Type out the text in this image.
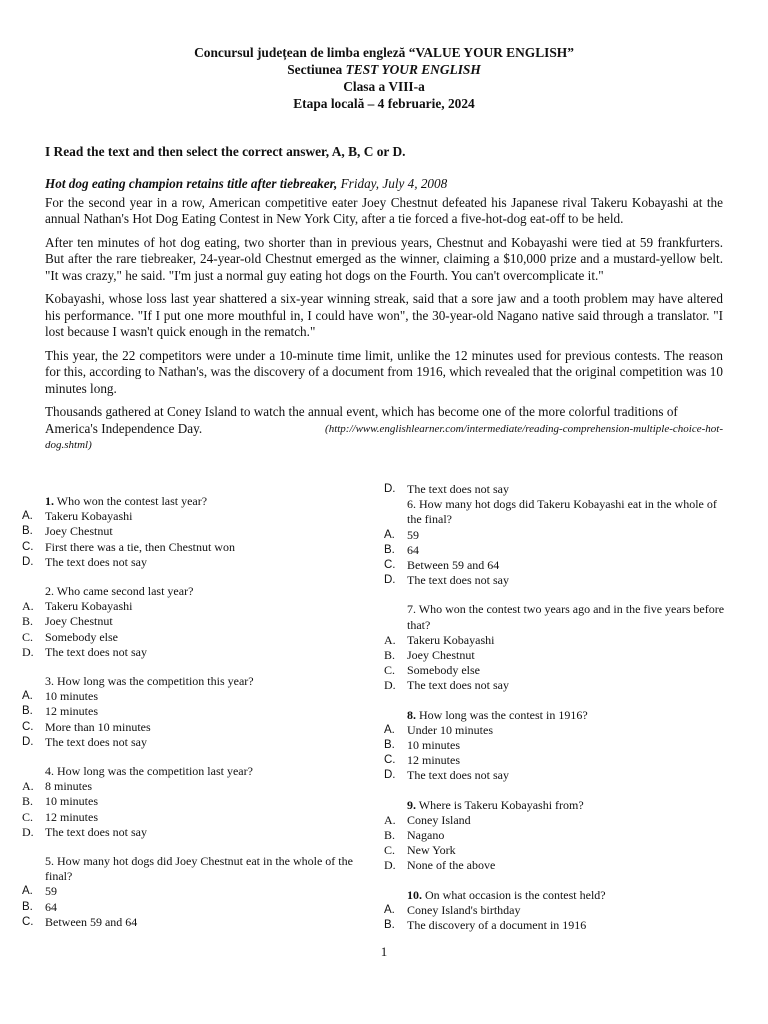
Concursul județean de limba engleză “VALUE YOUR ENGLISH”
Sectiunea TEST YOUR ENGLISH
Clasa a VIII-a
Etapa locală – 4 februarie, 2024
I Read the text and then select the correct answer, A, B, C or D.
Hot dog eating champion retains title after tiebreaker, Friday, July 4, 2008

For the second year in a row, American competitive eater Joey Chestnut defeated his Japanese rival Takeru Kobayashi at the annual Nathan's Hot Dog Eating Contest in New York City, after a tie forced a five-hot-dog eat-off to be held.

After ten minutes of hot dog eating, two shorter than in previous years, Chestnut and Kobayashi were tied at 59 frankfurters. But after the rare tiebreaker, 24-year-old Chestnut emerged as the winner, claiming a $10,000 prize and a mustard-yellow belt. "It was crazy," he said. "I'm just a normal guy eating hot dogs on the Fourth. You can't overcomplicate it."

Kobayashi, whose loss last year shattered a six-year winning streak, said that a sore jaw and a tooth problem may have altered his performance. "If I put one more mouthful in, I could have won", the 30-year-old Nagano native said through a translator. "I lost because I wasn't quick enough in the rematch."

This year, the 22 competitors were under a 10-minute time limit, unlike the 12 minutes used for previous contests. The reason for this, according to Nathan's, was the discovery of a document from 1916, which revealed that the original competition was 10 minutes long.

Thousands gathered at Coney Island to watch the annual event, which has become one of the more colorful traditions of

America's Independence Day.	(http://www.englishlearner.com/intermediate/reading-comprehension-multiple-choice-hot-
dog.shtml)
1. Who won the contest last year?
A.	Takeru Kobayashi
B.	Joey Chestnut
C. First there was a tie, then Chestnut won
D. The text does not say
2. Who came second last year?
A. Takeru Kobayashi
B. Joey Chestnut
C. Somebody else
D. The text does not say
3. How long was the competition this year?
A.	10 minutes
B.	12 minutes
C. More than 10 minutes
D. The text does not say
4. How long was the competition last year?
A. 8 minutes
B. 10 minutes
C. 12 minutes
D. The text does not say
5. How many hot dogs did Joey Chestnut eat in the whole of the final?
A.	59
B.	64
C. Between 59 and 64
D. The text does not say
6. How many hot dogs did Takeru Kobayashi eat in the whole of the final?
A.	59
B.	64
C. Between 59 and 64
D. The text does not say
7. Who won the contest two years ago and in the five years before that?
A. Takeru Kobayashi
B. Joey Chestnut
C. Somebody else
D. The text does not say
8. How long was the contest in 1916?
A.	Under 10 minutes
B.	10 minutes
C. 12 minutes
D. The text does not say
9. Where is Takeru Kobayashi from?
A. Coney Island
B. Nagano
C. New York
D. None of the above
10. On what occasion is the contest held?
A.	Coney Island's birthday
B.	The discovery of a document in 1916
1
